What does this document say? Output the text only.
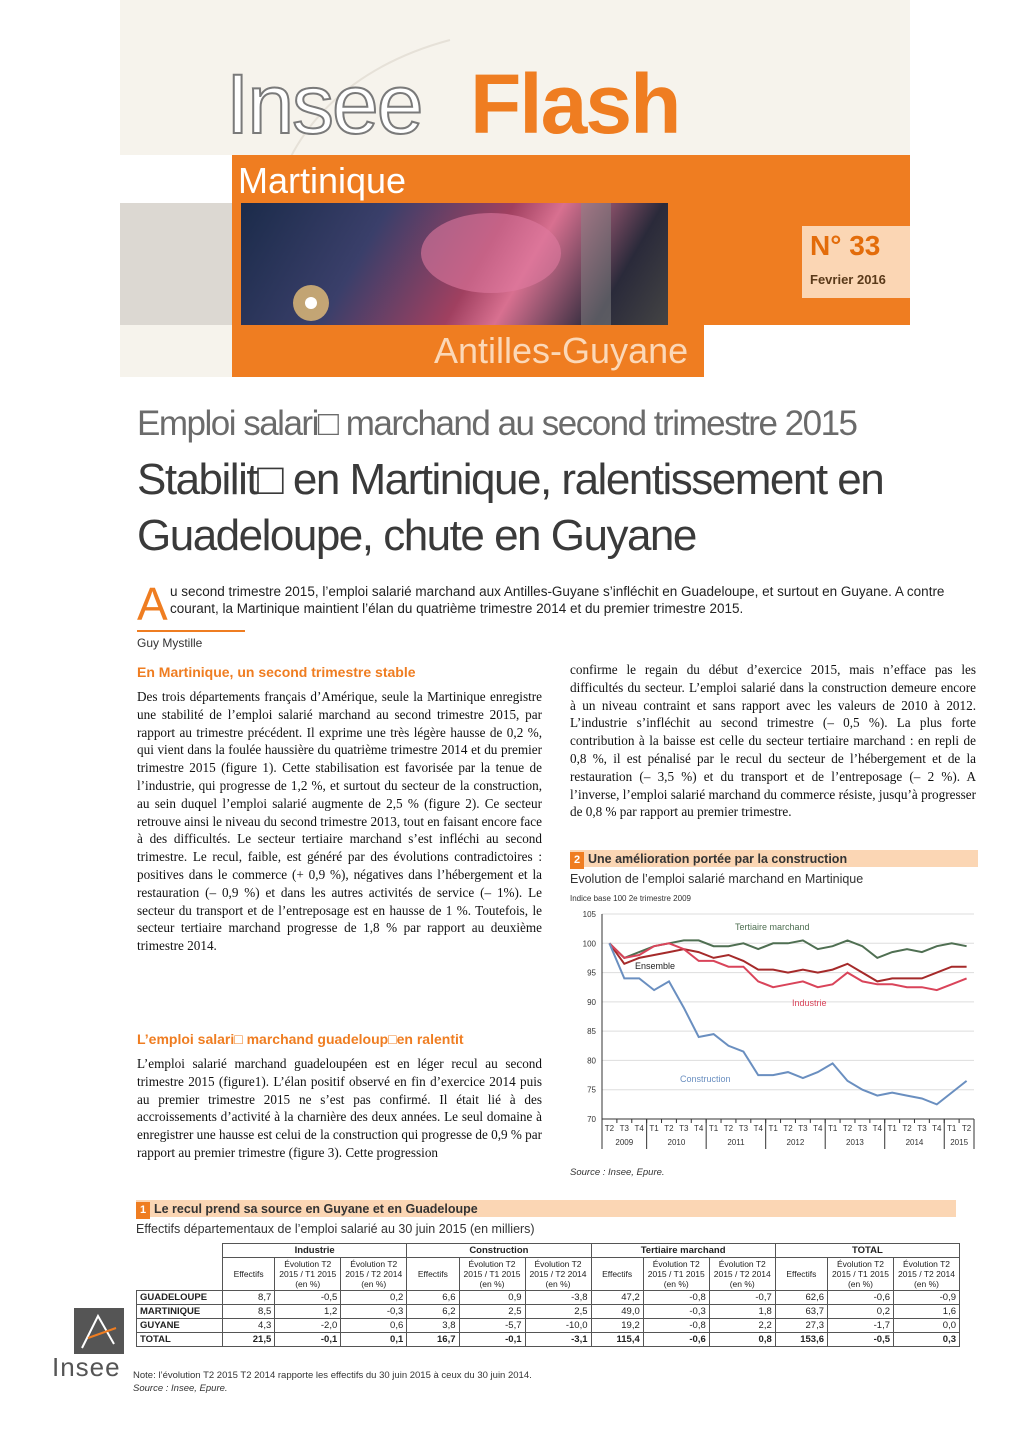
Insee Flash
Martinique
N° 33
Fevrier 2016
Antilles-Guyane
Emploi salari□ marchand au second trimestre 2015
Stabilit□ en Martinique, ralentissement en Guadeloupe, chute en Guyane
A u second trimestre 2015, l’emploi salarié marchand aux Antilles-Guyane s’infléchit en Guadeloupe, et surtout en Guyane. A contre courant, la Martinique maintient l’élan du quatrième trimestre 2014 et du premier trimestre 2015.
Guy Mystille
En Martinique, un second trimestre stable
Des trois départements français d’Amérique, seule la Martinique enregistre une stabilité de l’emploi salarié marchand au second trimestre 2015, par rapport au trimestre précédent. Il exprime une très légère hausse de 0,2 %, qui vient dans la foulée haussière du quatrième trimestre 2014 et du premier trimestre 2015 (figure 1). Cette stabilisation est favorisée par la tenue de l’industrie, qui progresse de 1,2 %, et surtout du secteur de la construction, au sein duquel l’emploi salarié augmente de 2,5 % (figure 2). Ce secteur retrouve ainsi le niveau du second trimestre 2013, tout en faisant encore face à des difficultés. Le secteur tertiaire marchand s’est infléchi au second trimestre. Le recul, faible, est généré par des évolutions contradictoires : positives dans le commerce (+ 0,9 %), négatives dans l’hébergement et la restauration (– 0,9 %) et dans les autres activités de service (– 1%). Le secteur du transport et de l’entreposage est en hausse de 1 %. Toutefois, le secteur tertiaire marchand progresse de 1,8 % par rapport au deuxième trimestre 2014.
L’emploi salari□ marchand guadeloup□en ralentit
L’emploi salarié marchand guadeloupéen est en léger recul au second trimestre 2015 (figure1). L’élan positif observé en fin d’exercice 2014 puis au premier trimestre 2015 ne s’est pas confirmé. Il était lié à des accroissements d’activité à la charnière des deux années. Le seul domaine à enregistrer une hausse est celui de la construction qui progresse de 0,9 % par rapport au premier trimestre (figure 3). Cette progression
confirme le regain du début d’exercice 2015, mais n’efface pas les difficultés du secteur. L’emploi salarié dans la construction demeure encore à un niveau contraint et sans rapport avec les valeurs de 2010 à 2012. L’industrie s’infléchit au second trimestre (– 0,5 %). La plus forte contribution à la baisse est celle du secteur tertiaire marchand : en repli de 0,8 %, il est pénalisé par le recul du secteur de l’hébergement et de la restauration (– 3,5 %) et du transport et de l’entreposage (– 2 %). A l’inverse, l’emploi salarié marchand du commerce résiste, jusqu’à progresser de 0,8 % par rapport au premier trimestre.
2 Une amélioration portée par la construction
Evolution de l’emploi salarié marchand en Martinique
Indice base 100 2e trimestre 2009
70
75
80
85
90
95
100
105
T2 T3 T4 T1 T2 T3 T4 T1 T2 T3 T4 T1 T2 T3 T4 T1 T2 T3 T4 T1 T2 T3 T4 T1 T2
2009	2010	2011	2012	2013	2014	2015
Tertiaire marchand
Ensemble
Industrie
Construction
Source : Insee, Epure.
1 Le recul prend sa source en Guyane et en Guadeloupe
Effectifs départementaux de l’emploi salarié au 30 juin 2015 (en milliers)
	Industrie			Construction			Tertiaire marchand			TOTAL		
	Effectifs	Évolution T2 2015 / T1 2015 (en %)	Évolution T2 2015 / T2 2014 (en %)	Effectifs	Évolution T2 2015 / T1 2015 (en %)	Évolution T2 2015 / T2 2014 (en %)	Effectifs	Évolution T2 2015 / T1 2015 (en %)	Évolution T2 2015 / T2 2014 (en %)	Effectifs	Évolution T2 2015 / T1 2015 (en %)	Évolution T2 2015 / T2 2014 (en %)
GUADELOUPE	8,7	-0,5	0,2	6,6	0,9	-3,8	47,2	-0,8	-0,7	62,6	-0,6	-0,9
MARTINIQUE	8,5	1,2	-0,3	6,2	2,5	2,5	49,0	-0,3	1,8	63,7	0,2	1,6
GUYANE	4,3	-2,0	0,6	3,8	-5,7	-10,0	19,2	-0,8	2,2	27,3	-1,7	0,0
TOTAL	21,5	-0,1	0,1	16,7	-0,1	-3,1	115,4	-0,6	0,8	153,6	-0,5	0,3
Note: l’évolution T2 2015 T2 2014 rapporte les effectifs du 30 juin 2015 à ceux du 30 juin 2014.
Source : Insee, Epure.
Insee
